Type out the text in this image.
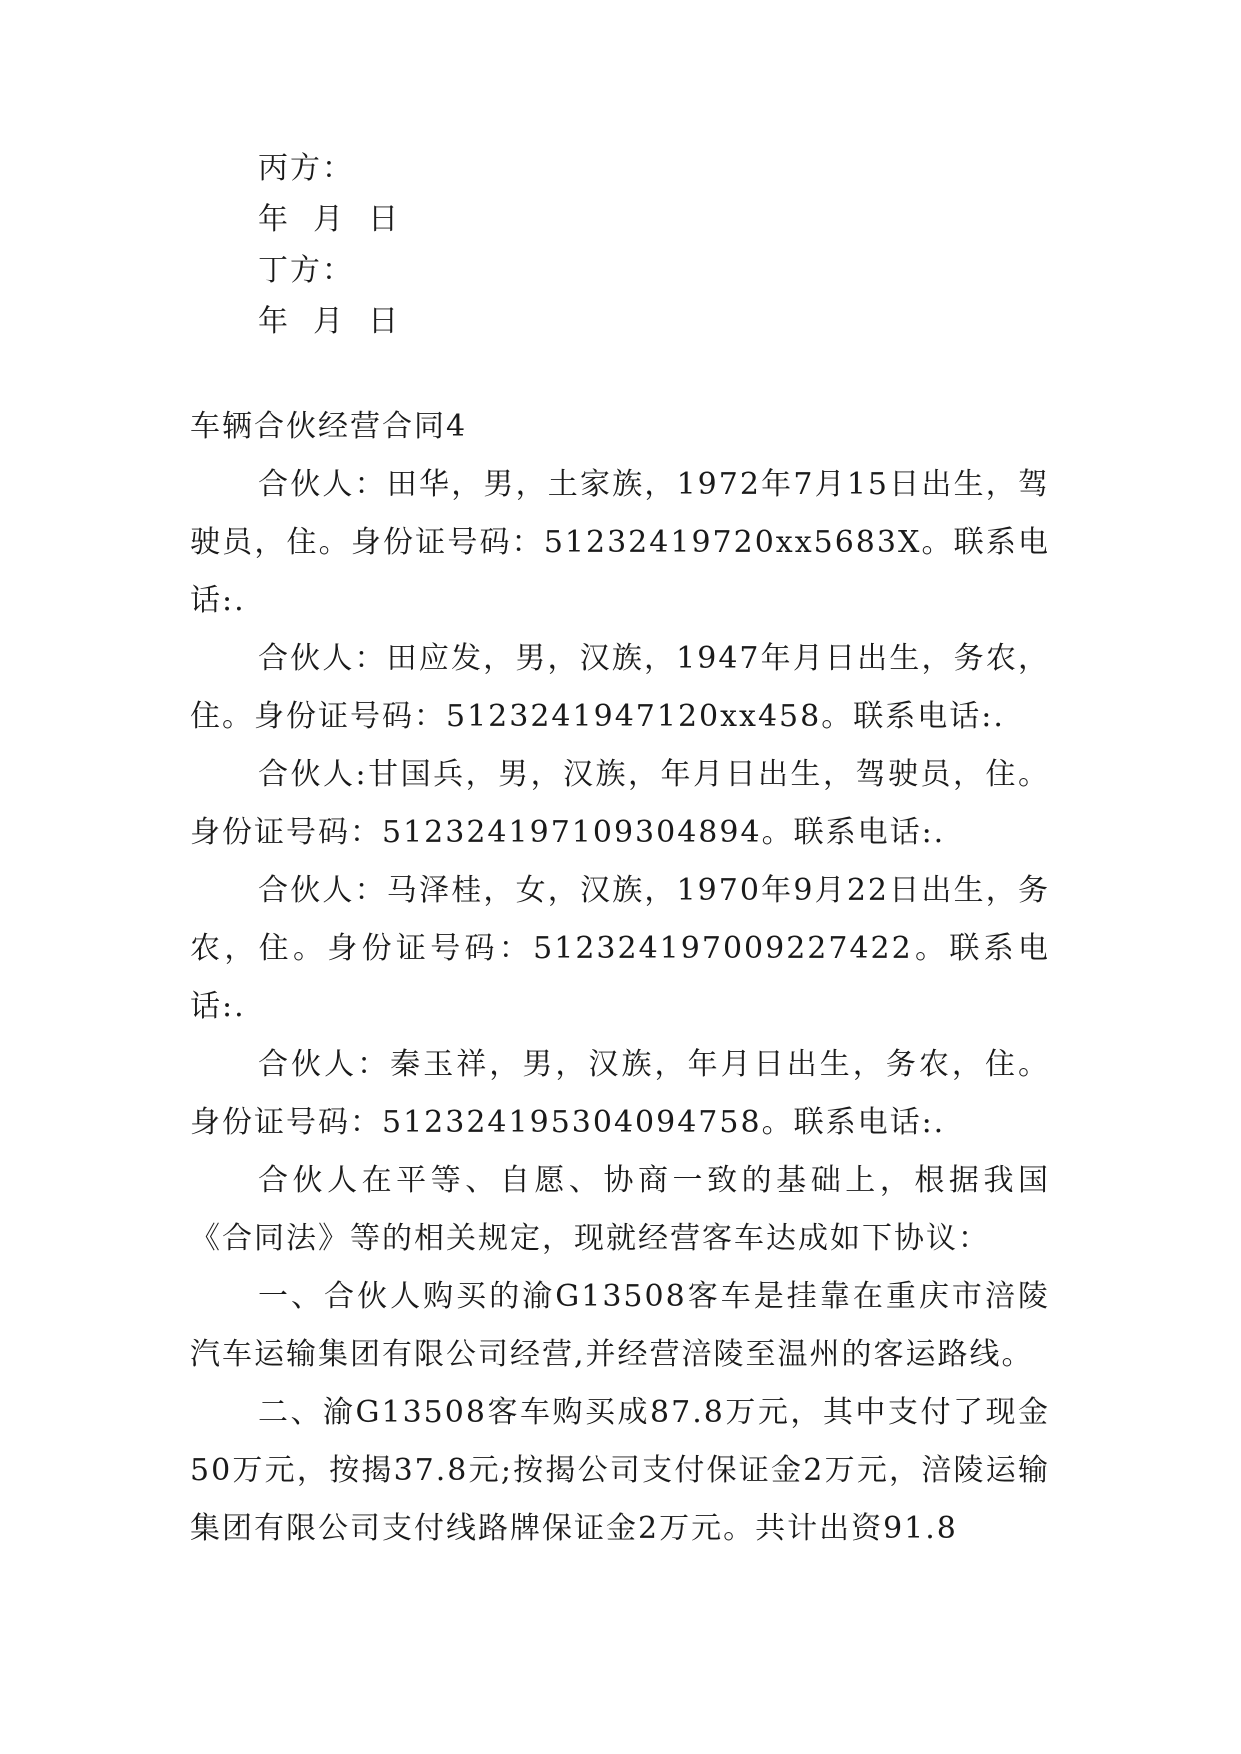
丙方：
年  月  日
丁方：
年  月  日

车辆合伙经营合同4

合伙人：田华，男，土家族，1972年7月15日出生，驾驶员，住。身份证号码：51232419720xx5683X。联系电话:.

合伙人：田应发，男，汉族，1947年月日出生，务农，住。身份证号码：5123241947120xx458。联系电话:.

合伙人:甘国兵，男，汉族，年月日出生，驾驶员，住。身份证号码：512324197109304894。联系电话:.

合伙人：马泽桂，女，汉族，1970年9月22日出生，务农，住。身份证号码：512324197009227422。联系电话:.

合伙人：秦玉祥，男，汉族，年月日出生，务农，住。身份证号码：512324195304094758。联系电话:.

合伙人在平等、自愿、协商一致的基础上，根据我国《合同法》等的相关规定，现就经营客车达成如下协议：

一、合伙人购买的渝G13508客车是挂靠在重庆市涪陵汽车运输集团有限公司经营,并经营涪陵至温州的客运路线。

二、渝G13508客车购买成87.8万元，其中支付了现金50万元，按揭37.8元;按揭公司支付保证金2万元，涪陵运输集团有限公司支付线路牌保证金2万元。共计出资91.8
